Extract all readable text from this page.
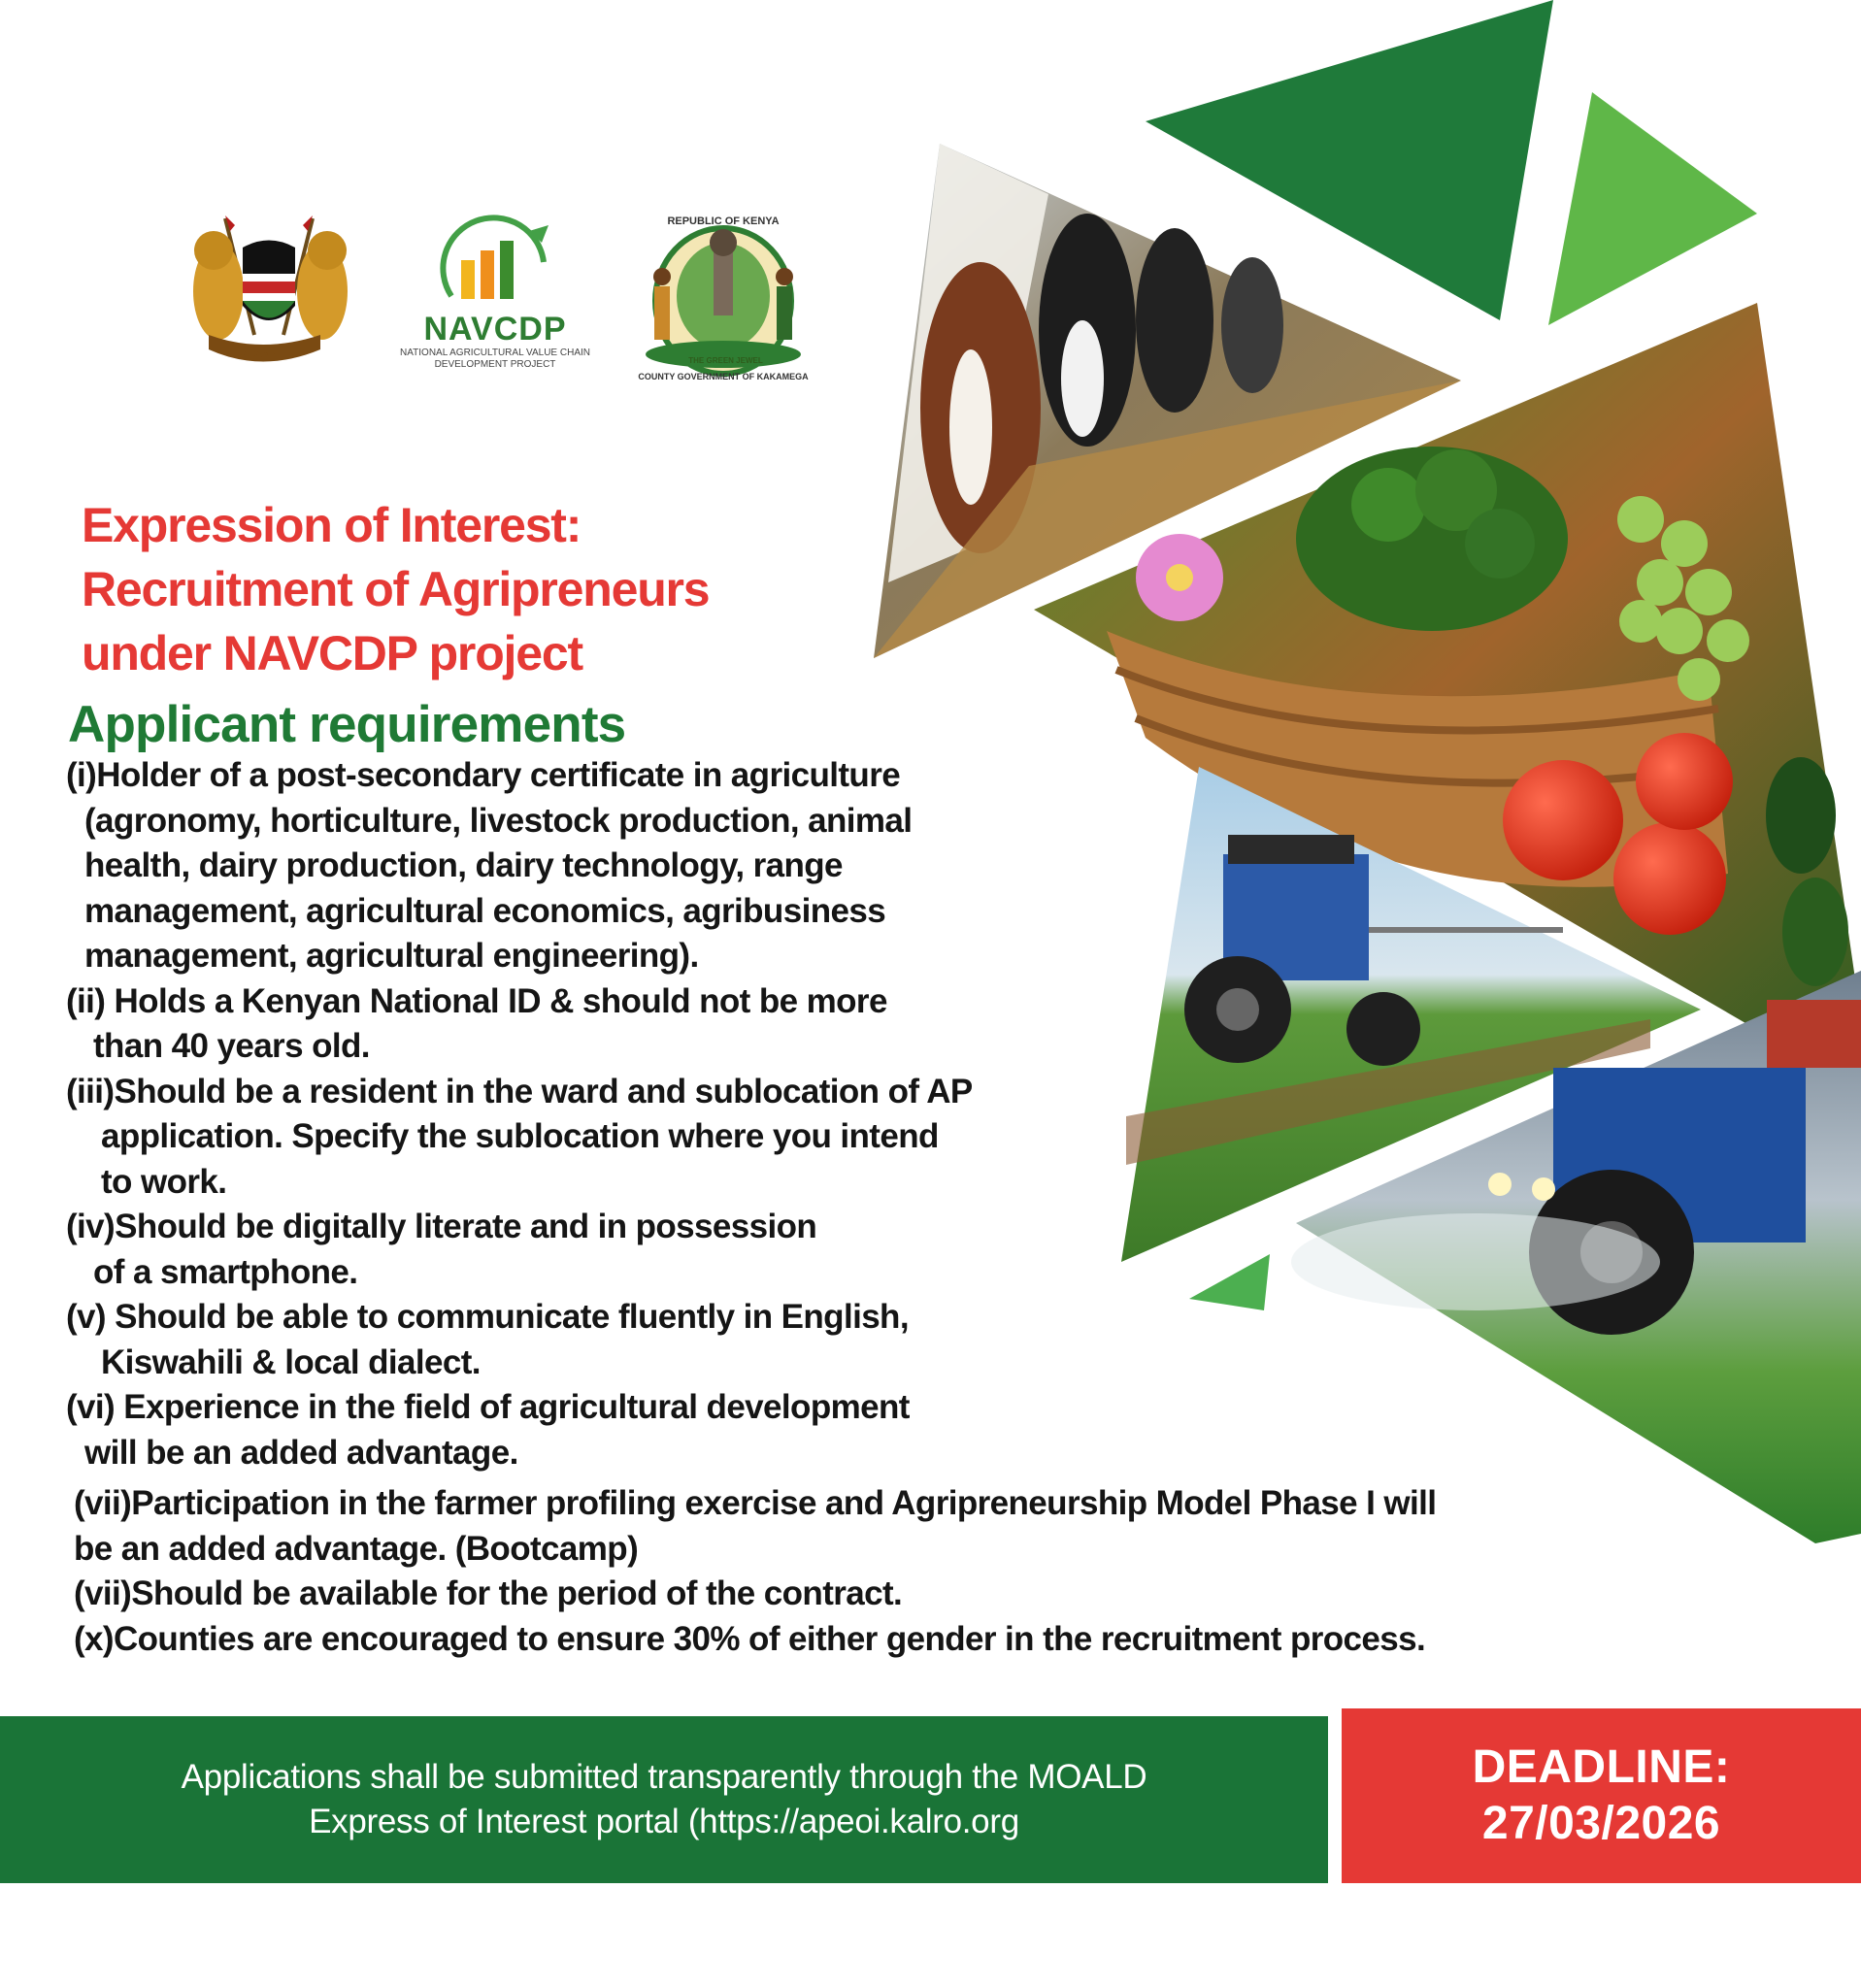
HARAMBEE
NAVCDP
NATIONAL AGRICULTURAL VALUE CHAIN DEVELOPMENT PROJECT
REPUBLIC OF KENYA
THE GREEN JEWEL
COUNTY GOVERNMENT OF KAKAMEGA
Expression of Interest:
Recruitment of Agripreneurs
under NAVCDP project
Applicant requirements
(i)Holder of a post-secondary certificate in agriculture
(agronomy, horticulture, livestock production, animal
health, dairy production, dairy technology, range
management, agricultural economics, agribusiness
management, agricultural engineering).
(ii) Holds a Kenyan National ID & should not be more
than 40 years old.
(iii)Should be a resident in the ward and sublocation of AP
application. Specify the sublocation where you intend
to work.
(iv)Should be digitally literate and in possession
of a smartphone.
(v) Should be able to communicate fluently in English,
Kiswahili & local dialect.
(vi) Experience in the field of agricultural development
will be an added advantage.
(vii)Participation in the farmer profiling exercise and Agripreneurship Model Phase I will
be an added advantage. (Bootcamp)
(vii)Should be available for the period of the contract.
(x)Counties are encouraged to ensure 30% of either gender in the recruitment process.

Applications shall be submitted transparently through the MOALD
Express of Interest portal (https://apeoi.kalro.org

DEADLINE:
27/03/2026
